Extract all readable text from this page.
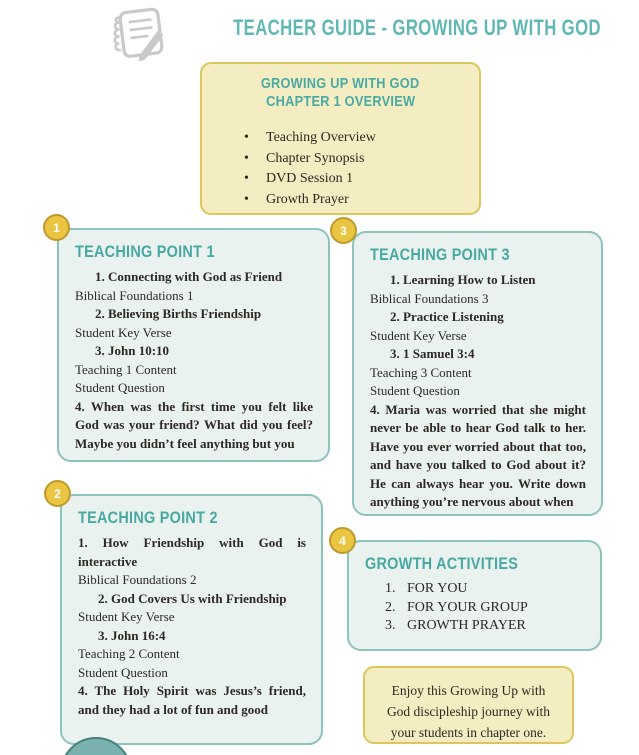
TEACHER GUIDE - GROWING UP WITH GOD
GROWING UP WITH GOD
CHAPTER 1 OVERVIEW

• Teaching Overview

• Chapter Synopsis

• DVD Session 1

• Growth Prayer

1
TEACHING POINT 1

1. Connecting with God as Friend

Biblical Foundations 1

2. Believing Births Friendship

Student Key Verse

3. John 10:10

Teaching 1 Content

Student Question

4. When was the first time you felt like God was your friend? What did you feel? Maybe you didn’t feel anything but you

3
TEACHING POINT 3

1. Learning How to Listen

Biblical Foundations 3

2. Practice Listening

Student Key Verse

3. 1 Samuel 3:4

Teaching 3 Content

Student Question

4. Maria was worried that she might never be able to hear God talk to her. Have you ever worried about that too, and have you talked to God about it? He can always hear you. Write down anything you’re nervous about when

2
TEACHING POINT 2

1. How Friendship with God is interactive

Biblical Foundations 2

2. God Covers Us with Friendship

Student Key Verse

3. John 16:4

Teaching 2 Content

Student Question

4. The Holy Spirit was Jesus’s friend, and they had a lot of fun and good

4
GROWTH ACTIVITIES

1. FOR YOU

2. FOR YOUR GROUP

3. GROWTH PRAYER

Enjoy this Growing Up with God discipleship journey with your students in chapter one.
